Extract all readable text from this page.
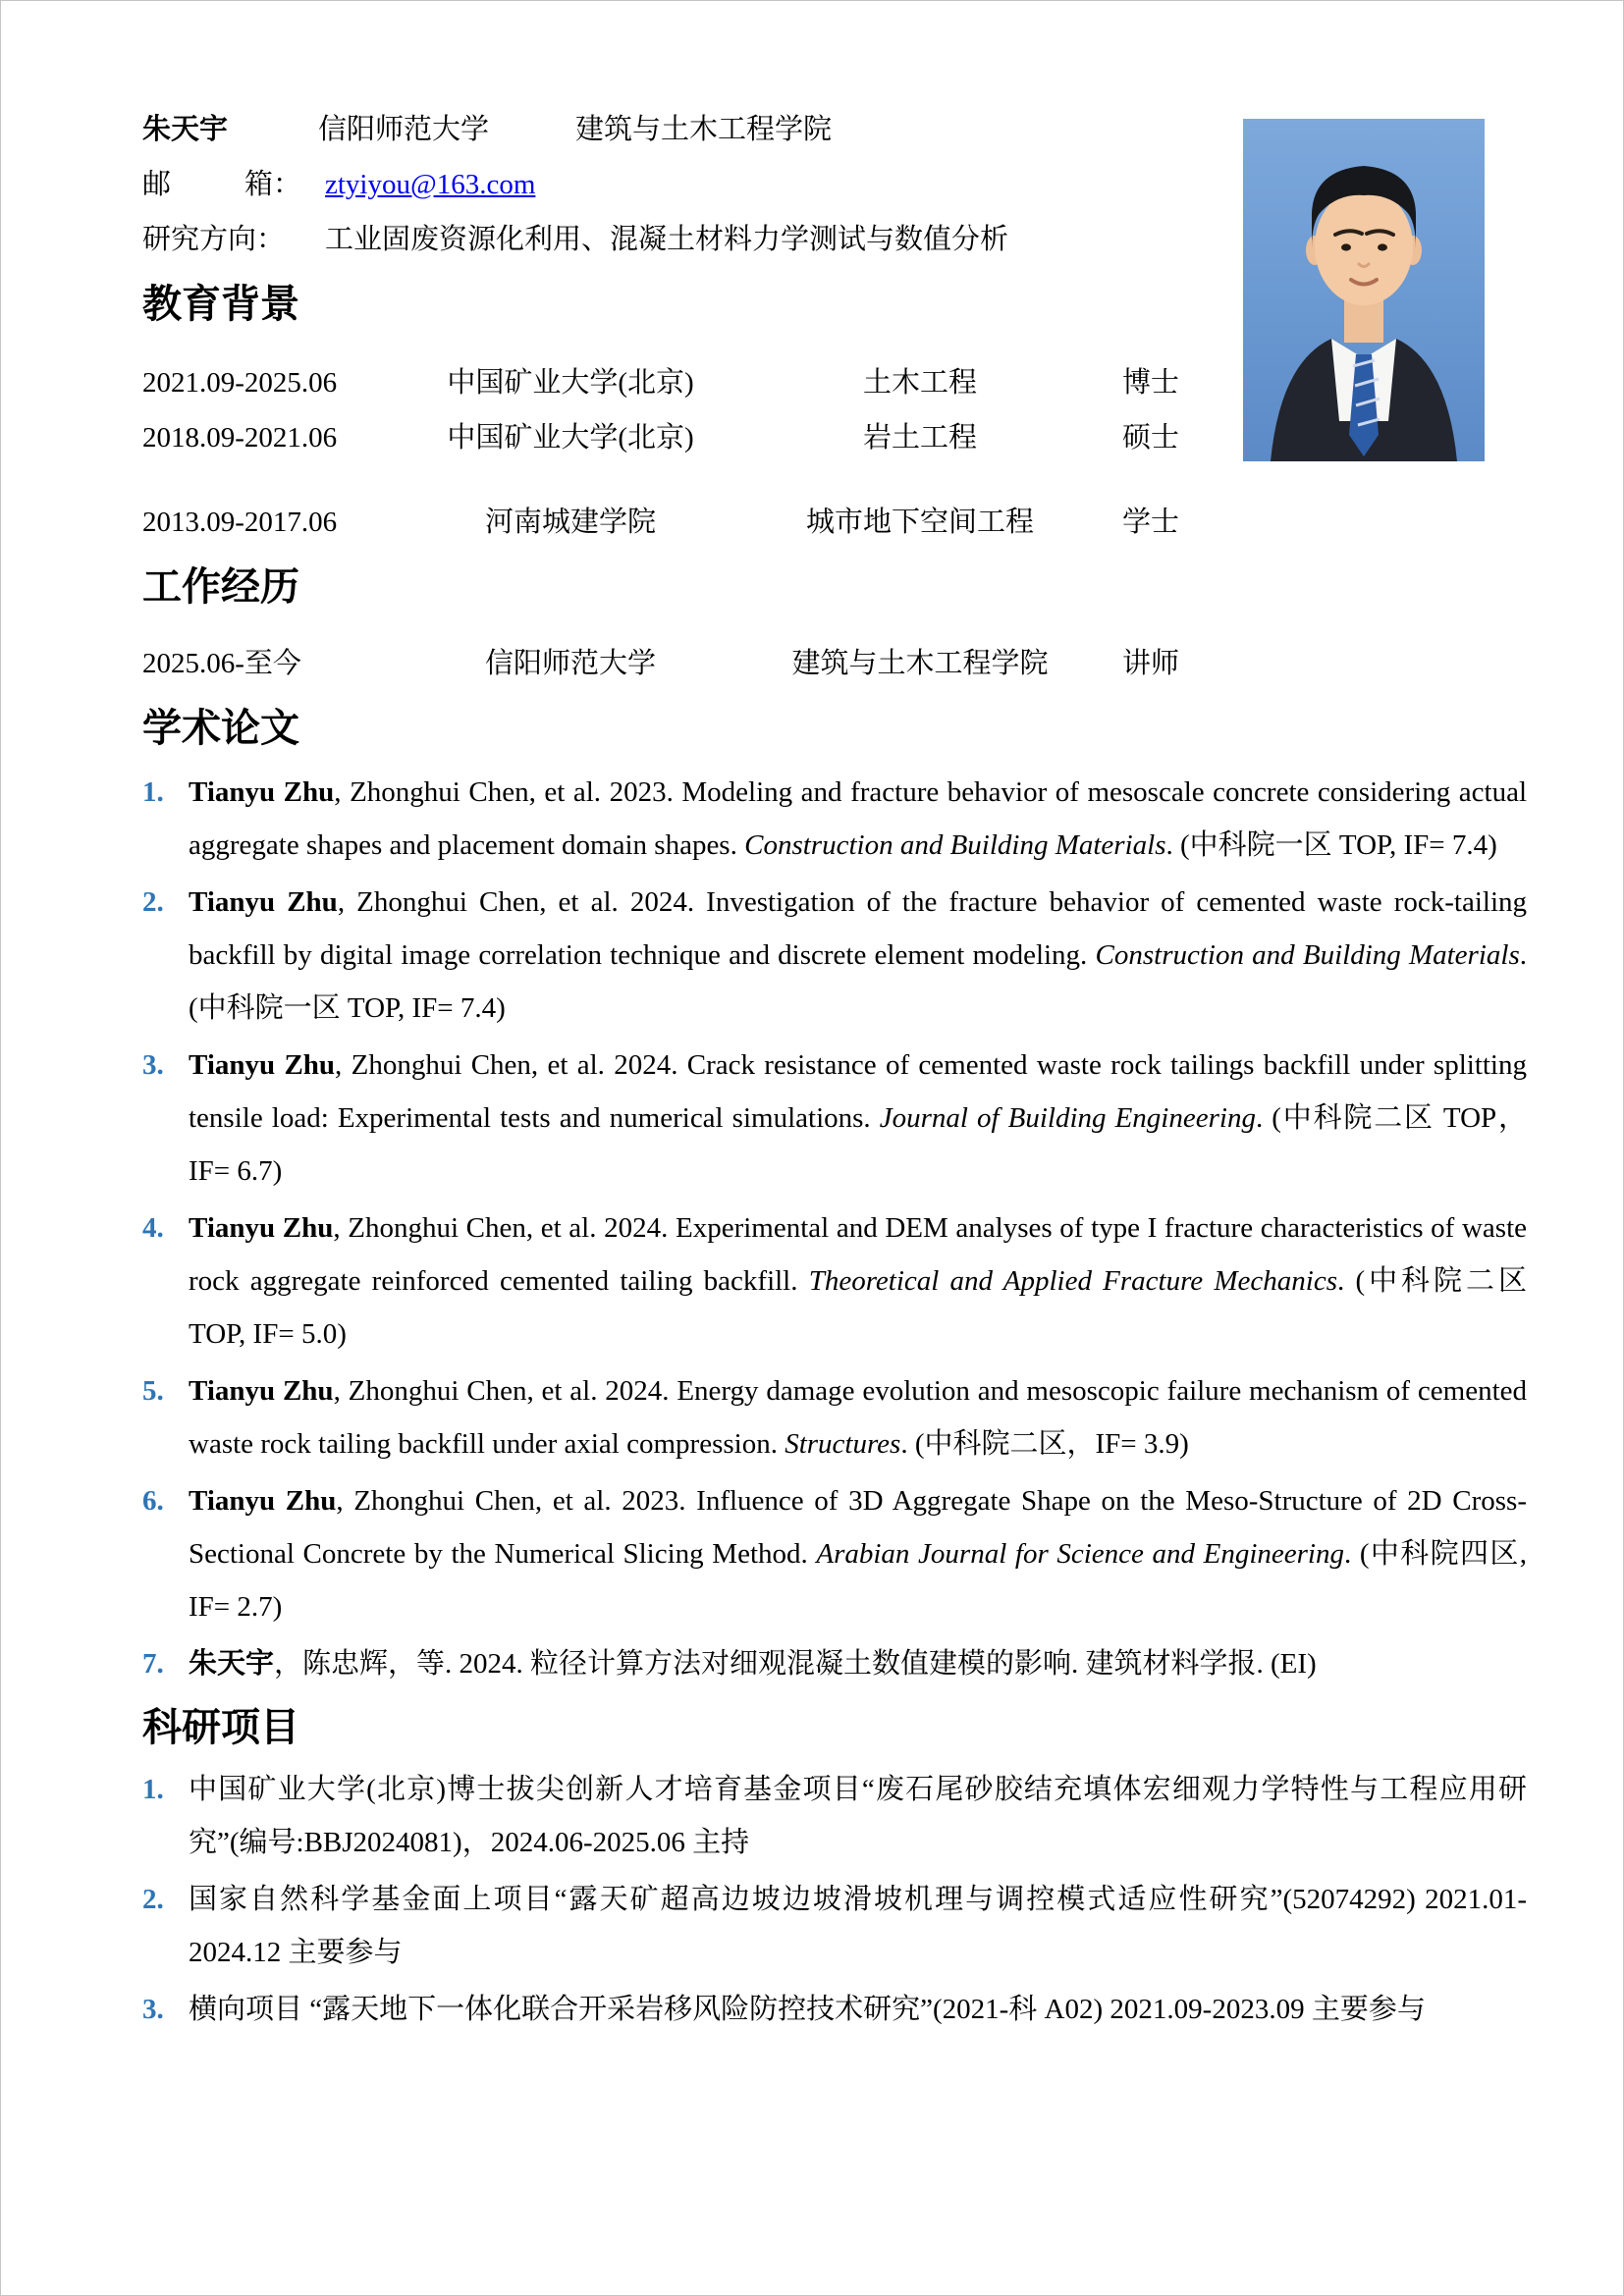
朱天宇	信阳师范大学	建筑与土木工程学院
邮	箱： ztyiyou@163.com
研究方向： 工业固废资源化利用、混凝土材料力学测试与数值分析
教育背景
2021.09-2025.06	中国矿业大学(北京)	土木工程	博士
2018.09-2021.06	中国矿业大学(北京)	岩土工程	硕士
2013.09-2017.06	河南城建学院	城市地下空间工程	学士
工作经历
2025.06-至今	信阳师范大学	建筑与土木工程学院	讲师
学术论文
1. Tianyu Zhu, Zhonghui Chen, et al. 2023. Modeling and fracture behavior of mesoscale concrete considering actual aggregate shapes and placement domain shapes. Construction and Building Materials. (中科院一区 TOP, IF= 7.4)
2. Tianyu Zhu, Zhonghui Chen, et al. 2024. Investigation of the fracture behavior of cemented waste rock-tailing backfill by digital image correlation technique and discrete element modeling. Construction and Building Materials. (中科院一区 TOP, IF= 7.4)
3. Tianyu Zhu, Zhonghui Chen, et al. 2024. Crack resistance of cemented waste rock tailings backfill under splitting tensile load: Experimental tests and numerical simulations. Journal of Building Engineering. (中科院二区 TOP，IF= 6.7)
4. Tianyu Zhu, Zhonghui Chen, et al. 2024. Experimental and DEM analyses of type I fracture characteristics of waste rock aggregate reinforced cemented tailing backfill. Theoretical and Applied Fracture Mechanics. (中科院二区 TOP, IF= 5.0)
5. Tianyu Zhu, Zhonghui Chen, et al. 2024. Energy damage evolution and mesoscopic failure mechanism of cemented waste rock tailing backfill under axial compression. Structures. (中科院二区，IF= 3.9)
6. Tianyu Zhu, Zhonghui Chen, et al. 2023. Influence of 3D Aggregate Shape on the Meso-Structure of 2D Cross-Sectional Concrete by the Numerical Slicing Method. Arabian Journal for Science and Engineering. (中科院四区, IF= 2.7)
7. 朱天宇，陈忠辉，等. 2024. 粒径计算方法对细观混凝土数值建模的影响. 建筑材料学报. (EI)
科研项目
1. 中国矿业大学(北京)博士拔尖创新人才培育基金项目“废石尾砂胶结充填体宏细观力学特性与工程应用研究”(编号:BBJ2024081)，2024.06-2025.06 主持
2. 国家自然科学基金面上项目“露天矿超高边坡边坡滑坡机理与调控模式适应性研究”(52074292) 2021.01-2024.12 主要参与
3. 横向项目 “露天地下一体化联合开采岩移风险防控技术研究”(2021-科 A02) 2021.09-2023.09 主要参与
